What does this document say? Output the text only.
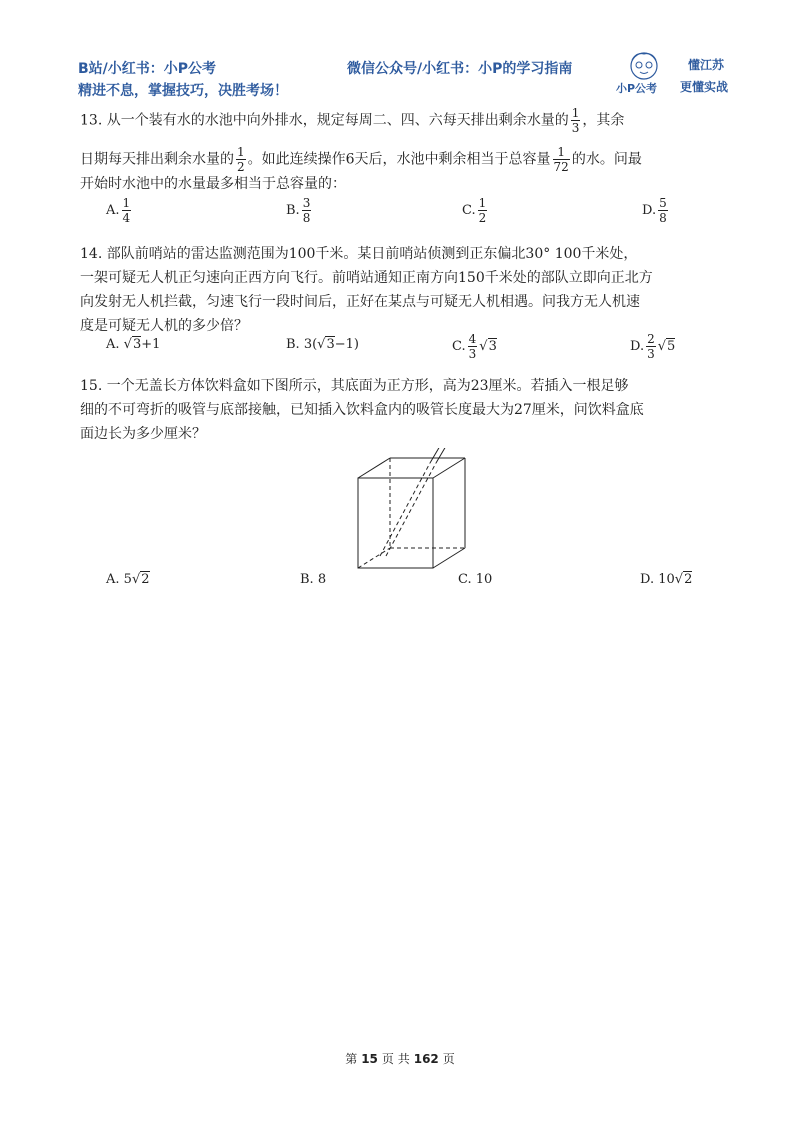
B站/小红书：小P公考
精进不息，掌握技巧，决胜考场！
微信公众号/小红书：小P的学习指南
小P公考
懂江苏
更懂实战
13. 从一个装有水的水池中向外排水，规定每周二、四、六每天排出剩余水量的 $\frac{1}{3}$ ，其余
日期每天排出剩余水量的 $\frac{1}{2}$ 。如此连续操作6天后，水池中剩余相当于总容量 $\frac{1}{72}$ 的水。问最
开始时水池中的水量最多相当于总容量的：
A. $\frac{1}{4}$	B. $\frac{3}{8}$	C. $\frac{1}{2}$	D. $\frac{5}{8}$
14. 部队前哨站的雷达监测范围为100千米。某日前哨站侦测到正东偏北30° 100千米处，
一架可疑无人机正匀速向正西方向飞行。前哨站通知正南方向150千米处的部队立即向正北方
向发射无人机拦截，匀速飞行一段时间后，正好在某点与可疑无人机相遇。问我方无人机速
度是可疑无人机的多少倍？
A. √3+1	B. 3(√3−1)	C. $\frac{4}{3} √3$	D. $\frac{2}{3} √5$
15. 一个无盖长方体饮料盒如下图所示，其底面为正方形，高为23厘米。若插入一根足够
细的不可弯折的吸管与底部接触，已知插入饮料盒内的吸管长度最大为27厘米，问饮料盒底
面边长为多少厘米？
A. 5√2	B. 8	C. 10	D. 10√2
第 15 页 共 162 页
